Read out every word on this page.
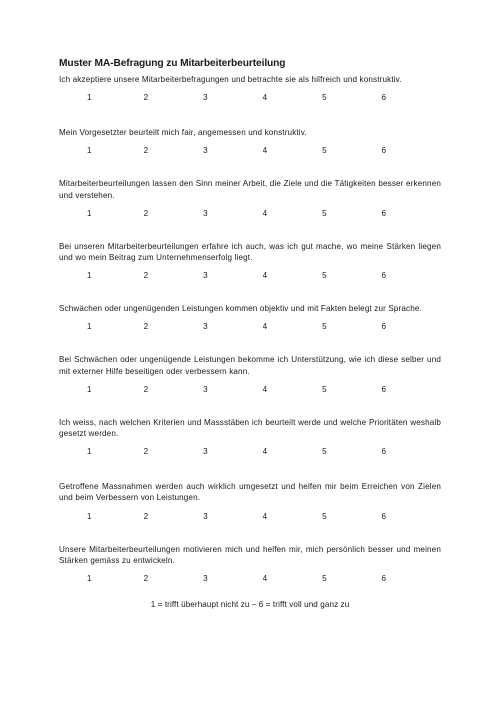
Muster MA-Befragung zu Mitarbeiterbeurteilung
Ich akzeptiere unsere Mitarbeiterbefragungen und betrachte sie als hilfreich und konstruktiv.
1	2	3	4	5	6
Mein Vorgesetzter beurteilt mich fair, angemessen und konstruktiv.
1	2	3	4	5	6
Mitarbeiterbeurteilungen lassen den Sinn meiner Arbeit, die Ziele und die Tätigkeiten besser erkennen und verstehen.
1	2	3	4	5	6
Bei unseren Mitarbeiterbeurteilungen erfahre ich auch, was ich gut mache, wo meine Stärken liegen und wo mein Beitrag zum Unternehmenserfolg liegt.
1	2	3	4	5	6
Schwächen oder ungenügenden Leistungen kommen objektiv und mit Fakten belegt zur Sprache.
1	2	3	4	5	6
Bei Schwächen oder ungenügende Leistungen bekomme ich Unterstützung, wie ich diese selber und mit externer Hilfe beseitigen oder verbessern kann.
1	2	3	4	5	6
Ich weiss, nach welchen Kriterien und Massstäben ich beurteilt werde und welche Prioritäten weshalb gesetzt werden.
1	2	3	4	5	6
Getroffene Massnahmen werden auch wirklich umgesetzt und helfen mir beim Erreichen von Zielen und beim Verbessern von Leistungen.
1	2	3	4	5	6
Unsere Mitarbeiterbeurteilungen motivieren mich und helfen mir, mich persönlich besser und meinen Stärken gemäss zu entwickeln.
1	2	3	4	5	6
1 = trifft überhaupt nicht zu – 6 = trifft voll und ganz zu
